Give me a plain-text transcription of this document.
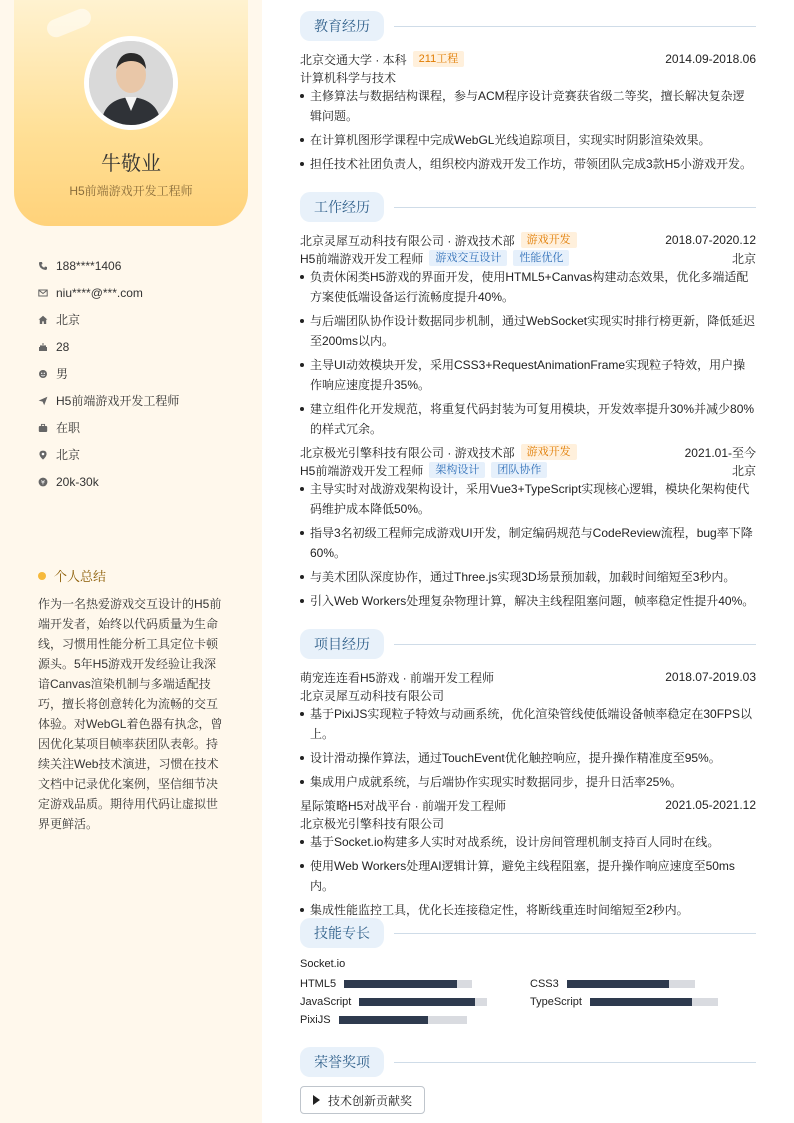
牛敬业
H5前端游戏开发工程师
188****1406
niu****@***.com
北京
28
男
H5前端游戏开发工程师
在职
北京
¥ 20k-30k
个人总结
作为一名热爱游戏交互设计的H5前端开发者，始终以代码质量为生命线，习惯用性能分析工具定位卡顿源头。5年H5游戏开发经验让我深谙Canvas渲染机制与多端适配技巧，擅长将创意转化为流畅的交互体验。对WebGL着色器有执念，曾因优化某项目帧率获团队表彰。持续关注Web技术演进，习惯在技术文档中记录优化案例，坚信细节决定游戏品质。期待用代码让虚拟世界更鲜活。
教育经历
北京交通大学 · 本科	211工程	2014.09-2018.06
计算机科学与技术
主修算法与数据结构课程，参与ACM程序设计竞赛获省级二等奖，擅长解决复杂逻辑问题。
在计算机图形学课程中完成WebGL光线追踪项目，实现实时阴影渲染效果。
担任技术社团负责人，组织校内游戏开发工作坊，带领团队完成3款H5小游戏开发。
工作经历
北京灵犀互动科技有限公司 · 游戏技术部	游戏开发	2018.07-2020.12
H5前端游戏开发工程师	游戏交互设计	性能优化	北京
负责休闲类H5游戏的界面开发，使用HTML5+Canvas构建动态效果，优化多端适配方案使低端设备运行流畅度提升40%。
与后端团队协作设计数据同步机制，通过WebSocket实现实时排行榜更新，降低延迟至200ms以内。
主导UI动效模块开发，采用CSS3+RequestAnimationFrame实现粒子特效，用户操作响应速度提升35%。
建立组件化开发规范，将重复代码封装为可复用模块，开发效率提升30%并减少80%的样式冗余。
北京极光引擎科技有限公司 · 游戏技术部	游戏开发	2021.01-至今
H5前端游戏开发工程师	架构设计	团队协作	北京
主导实时对战游戏架构设计，采用Vue3+TypeScript实现核心逻辑，模块化架构使代码维护成本降低50%。
指导3名初级工程师完成游戏UI开发，制定编码规范与CodeReview流程，bug率下降60%。
与美术团队深度协作，通过Three.js实现3D场景预加载，加载时间缩短至3秒内。
引入Web Workers处理复杂物理计算，解决主线程阻塞问题，帧率稳定性提升40%。
项目经历
萌宠连连看H5游戏 · 前端开发工程师	2018.07-2019.03
北京灵犀互动科技有限公司
基于PixiJS实现粒子特效与动画系统，优化渲染管线使低端设备帧率稳定在30FPS以上。
设计滑动操作算法，通过TouchEvent优化触控响应，提升操作精准度至95%。
集成用户成就系统，与后端协作实现实时数据同步，提升日活率25%。
星际策略H5对战平台 · 前端开发工程师	2021.05-2021.12
北京极光引擎科技有限公司
基于Socket.io构建多人实时对战系统，设计房间管理机制支持百人同时在线。
使用Web Workers处理AI逻辑计算，避免主线程阻塞，提升操作响应速度至50ms内。
集成性能监控工具，优化长连接稳定性，将断线重连时间缩短至2秒内。
技能专长
Socket.io
HTML5	CSS3
JavaScript	TypeScript
PixiJS
荣誉奖项
技术创新贡献奖
